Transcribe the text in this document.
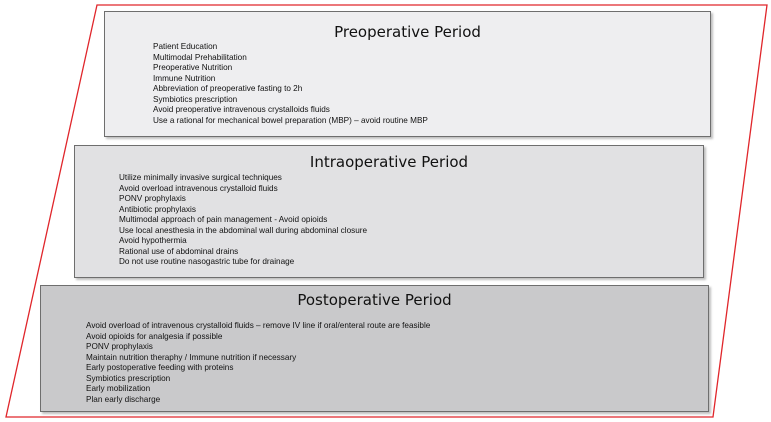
Preoperative Period
Patient Education
Multimodal Prehabilitation
Preoperative Nutrition
Immune Nutrition
Abbreviation of preoperative fasting to 2h
Symbiotics prescription
Avoid preoperative intravenous crystalloids fluids
Use a rational for mechanical bowel preparation (MBP) – avoid routine MBP
Intraoperative Period
Utilize minimally invasive surgical techniques
Avoid overload intravenous crystalloid fluids
PONV prophylaxis
Antibiotic prophylaxis
Multimodal approach of pain management - Avoid opioids
Use local anesthesia in the abdominal wall during abdominal closure
Avoid hypothermia
Rational use of abdominal drains
Do not use routine nasogastric tube for drainage
Postoperative Period
Avoid overload of intravenous crystalloid fluids – remove IV line if oral/enteral route are feasible
Avoid opioids for analgesia if possible
PONV prophylaxis
Maintain nutrition theraphy / Immune nutrition if necessary
Early postoperative feeding with proteins
Symbiotics prescription
Early mobilization
Plan early discharge
